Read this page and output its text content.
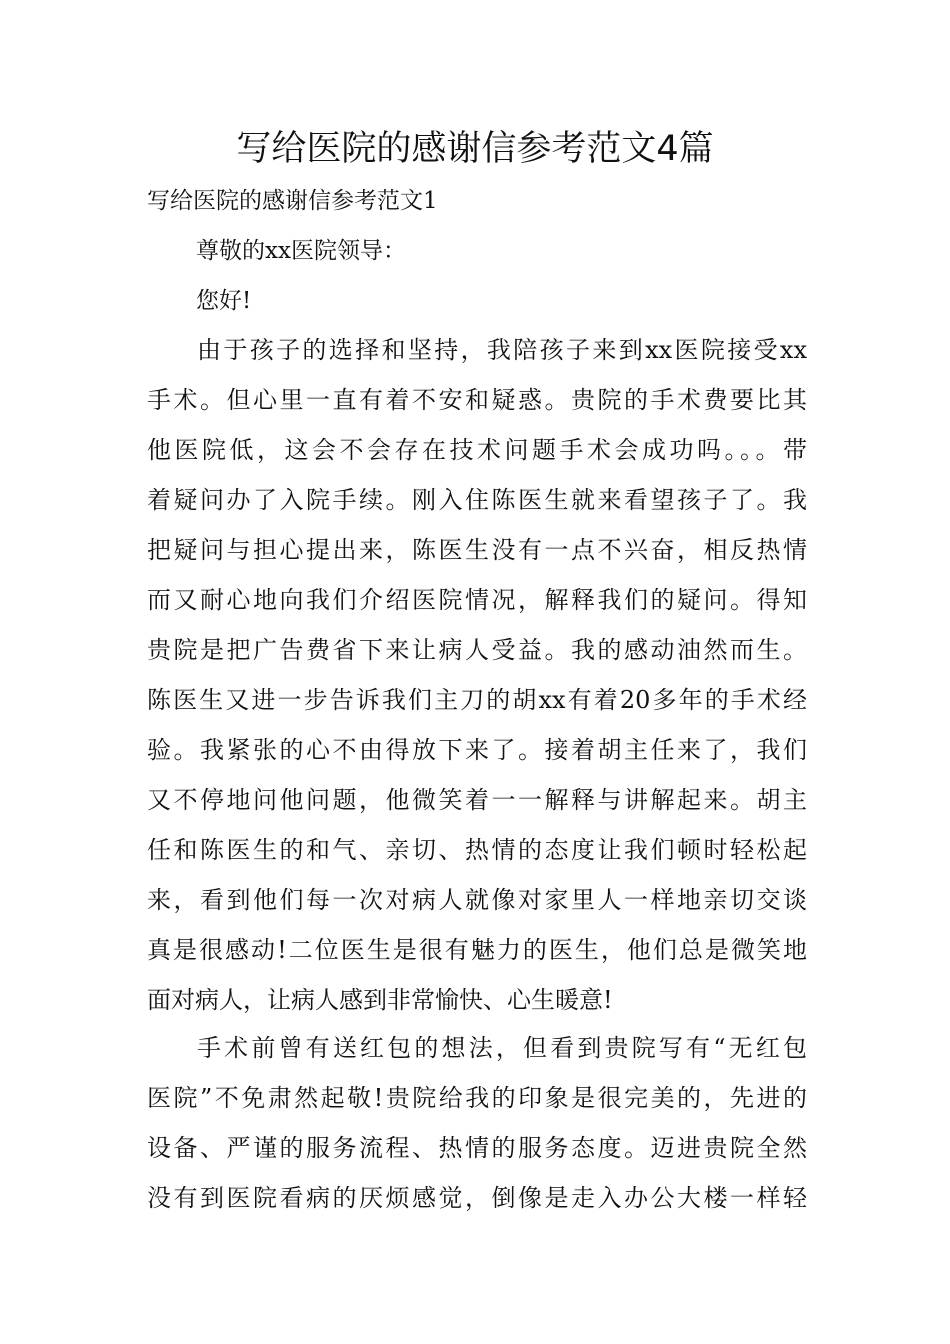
写给医院的感谢信参考范文4篇

写给医院的感谢信参考范文1

尊敬的xx医院领导：

您好!

由于孩子的选择和坚持，我陪孩子来到xx医院接受xx
手术。但心里一直有着不安和疑惑。贵院的手术费要比其
他医院低，这会不会存在技术问题手术会成功吗。。。带
着疑问办了入院手续。刚入住陈医生就来看望孩子了。我
把疑问与担心提出来，陈医生没有一点不兴奋，相反热情
而又耐心地向我们介绍医院情况，解释我们的疑问。得知
贵院是把广告费省下来让病人受益。我的感动油然而生。
陈医生又进一步告诉我们主刀的胡xx有着20多年的手术经
验。我紧张的心不由得放下来了。接着胡主任来了，我们
又不停地问他问题，他微笑着一一解释与讲解起来。胡主
任和陈医生的和气、亲切、热情的态度让我们顿时轻松起
来，看到他们每一次对病人就像对家里人一样地亲切交谈
真是很感动!二位医生是很有魅力的医生，他们总是微笑地
面对病人，让病人感到非常愉快、心生暖意!
手术前曾有送红包的想法，但看到贵院写有“无红包
医院”不免肃然起敬!贵院给我的印象是很完美的，先进的
设备、严谨的服务流程、热情的服务态度。迈进贵院全然
没有到医院看病的厌烦感觉，倒像是走入办公大楼一样轻
